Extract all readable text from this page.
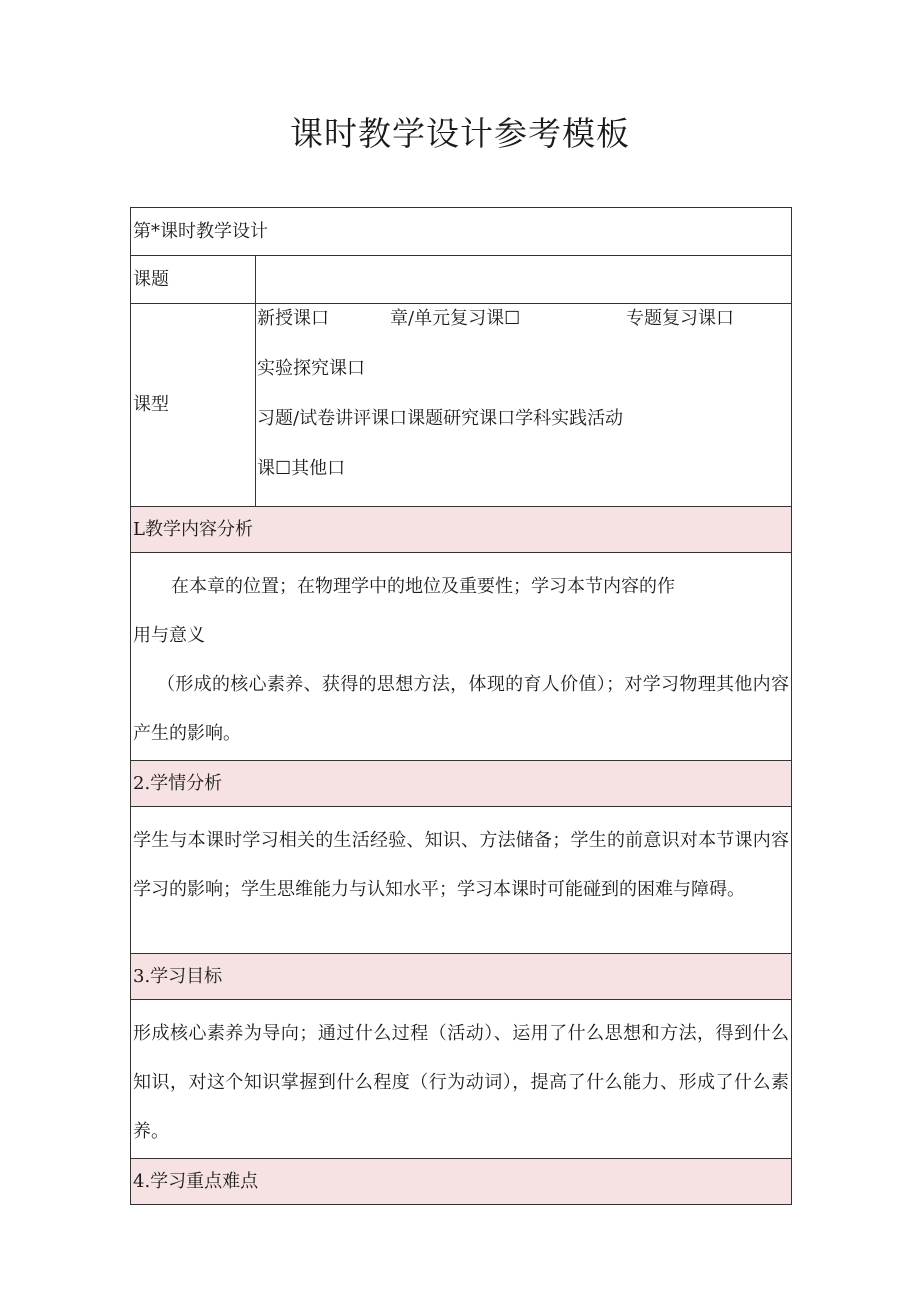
课时教学设计参考模板
第*课时教学设计	
课题	
课型	新授课口 章/单元复习课☐ 专题复习课口
实验探究课口
习题/试卷讲评课口课题研究课口学科实践活动
课☐其他口

L教学内容分析	

在本章的位置；在物理学中的地位及重要性；学习本节内容的作

用与意义

（形成的核心素养、获得的思想方法，体现的育人价值）；对学习物理其他内容产生的影响。	

2.学情分析	

学生与本课时学习相关的生活经验、知识、方法储备；学生的前意识对本节课内容学习的影响；学生思维能力与认知水平；学习本课时可能碰到的困难与障碍。	

3.学习目标	

形成核心素养为导向；通过什么过程（活动）、运用了什么思想和方法，得到什么知识，对这个知识掌握到什么程度（行为动词），提高了什么能力、形成了什么素养。	

4.学习重点难点	
